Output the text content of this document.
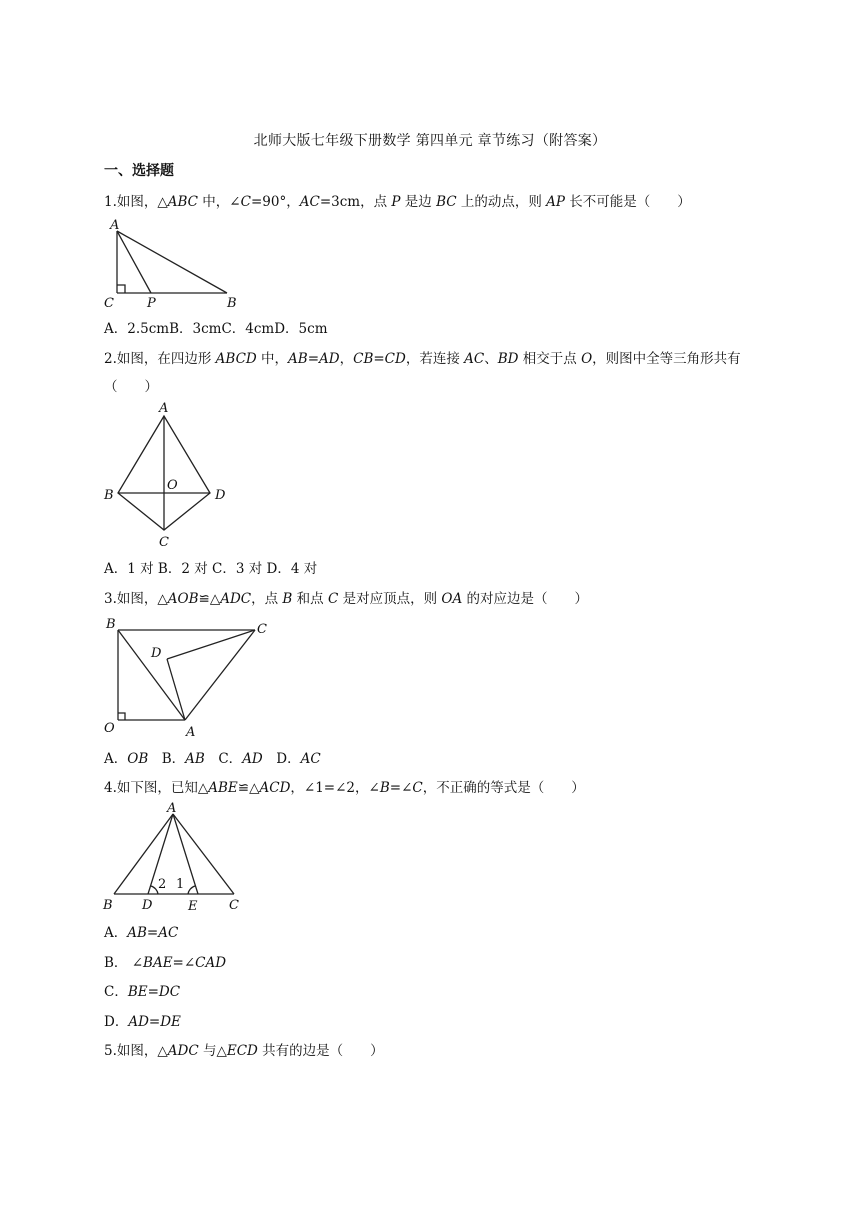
北师大版七年级下册数学 第四单元 章节练习（附答案）
一、选择题
1.如图，△ABC 中，∠C=90°，AC=3cm，点 P 是边 BC 上的动点，则 AP 长不可能是（　　）
A
C	P	B
A．2.5cmB．3cmC．4cmD．5cm
2.如图，在四边形 ABCD 中，AB=AD，CB=CD，若连接 AC、BD 相交于点 O，则图中全等三角形共有
（　　）
A
B
O
D
C
A．1 对 B．2 对 C．3 对 D．4 对
3.如图，△AOB≌△ADC，点 B 和点 C 是对应顶点，则 OA 的对应边是（　　）
B	C
D
O	A
A．OB　B．AB　C．AD　D．AC
4.如下图，已知△ABE≌△ACD，∠1=∠2，∠B=∠C，不正确的等式是（　　）
A
B D	E C
2 1
A．AB=AC
B． ∠BAE=∠CAD
C．BE=DC
D．AD=DE
5.如图，△ADC 与△ECD 共有的边是（　　）
